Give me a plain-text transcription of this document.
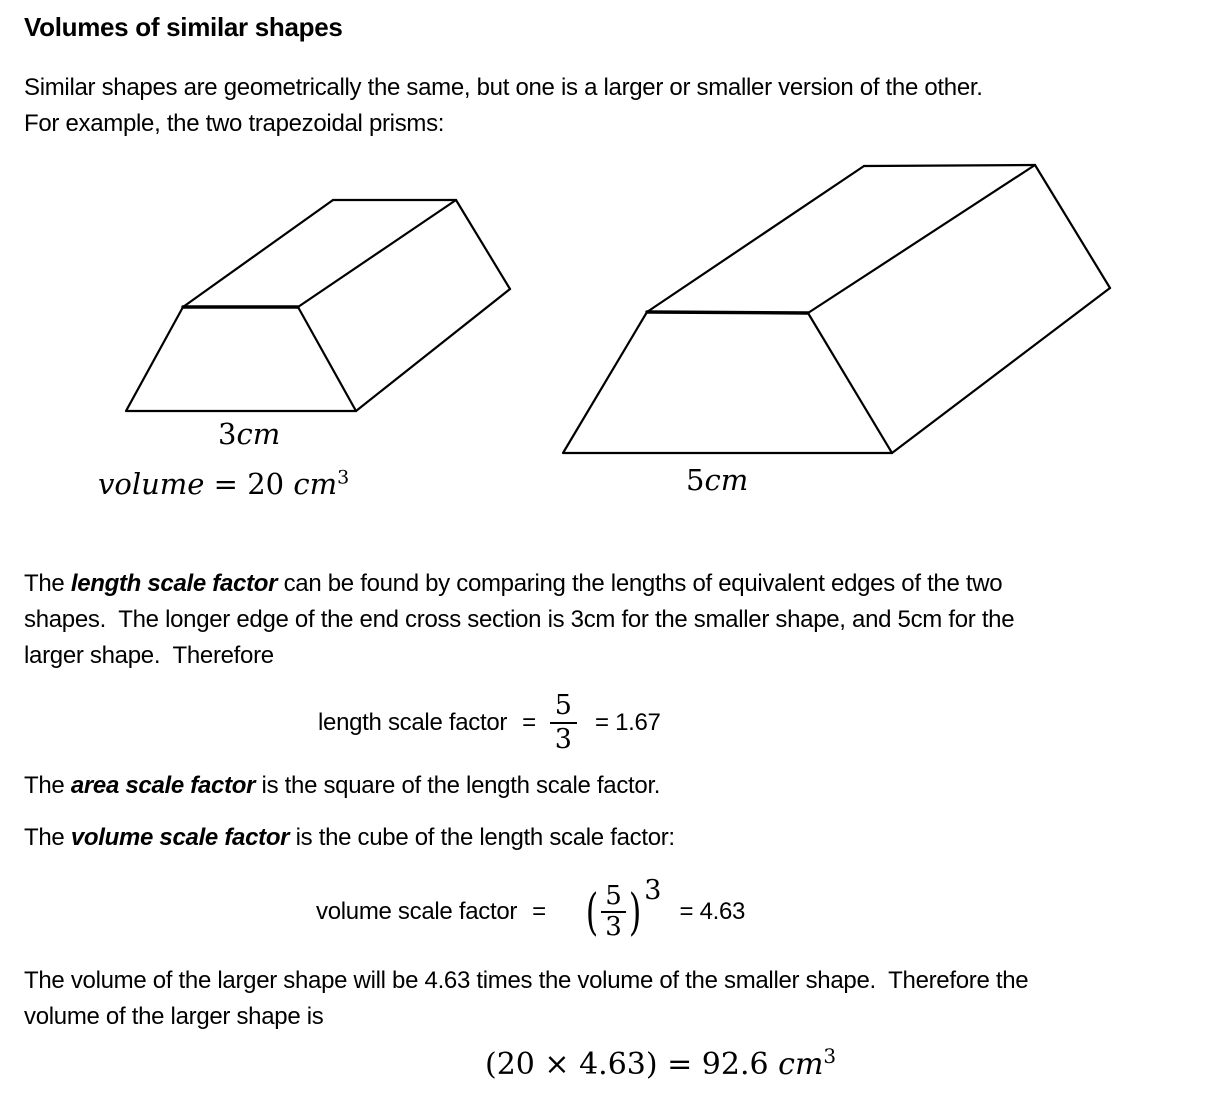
Volumes of similar shapes
Similar shapes are geometrically the same, but one is a larger or smaller version of the other.
For example, the two trapezoidal prisms:
3cm
volume = 20 $cm^3$	5cm
The length scale factor can be found by comparing the lengths of equivalent edges of the two
shapes.  The longer edge of the end cross section is 3cm for the smaller shape, and 5cm for the
larger shape.  Therefore
length scale factor = $\frac{5}{3} = 1.67$
The area scale factor is the square of the length scale factor.
The volume scale factor is the cube of the length scale factor:
volume scale factor = ( $\frac{5}{3}$ ) 3
= 4.63
The volume of the larger shape will be 4.63 times the volume of the smaller shape.  Therefore the
volume of the larger shape is
(20 × 4.63) = 92.6 $cm^3$
